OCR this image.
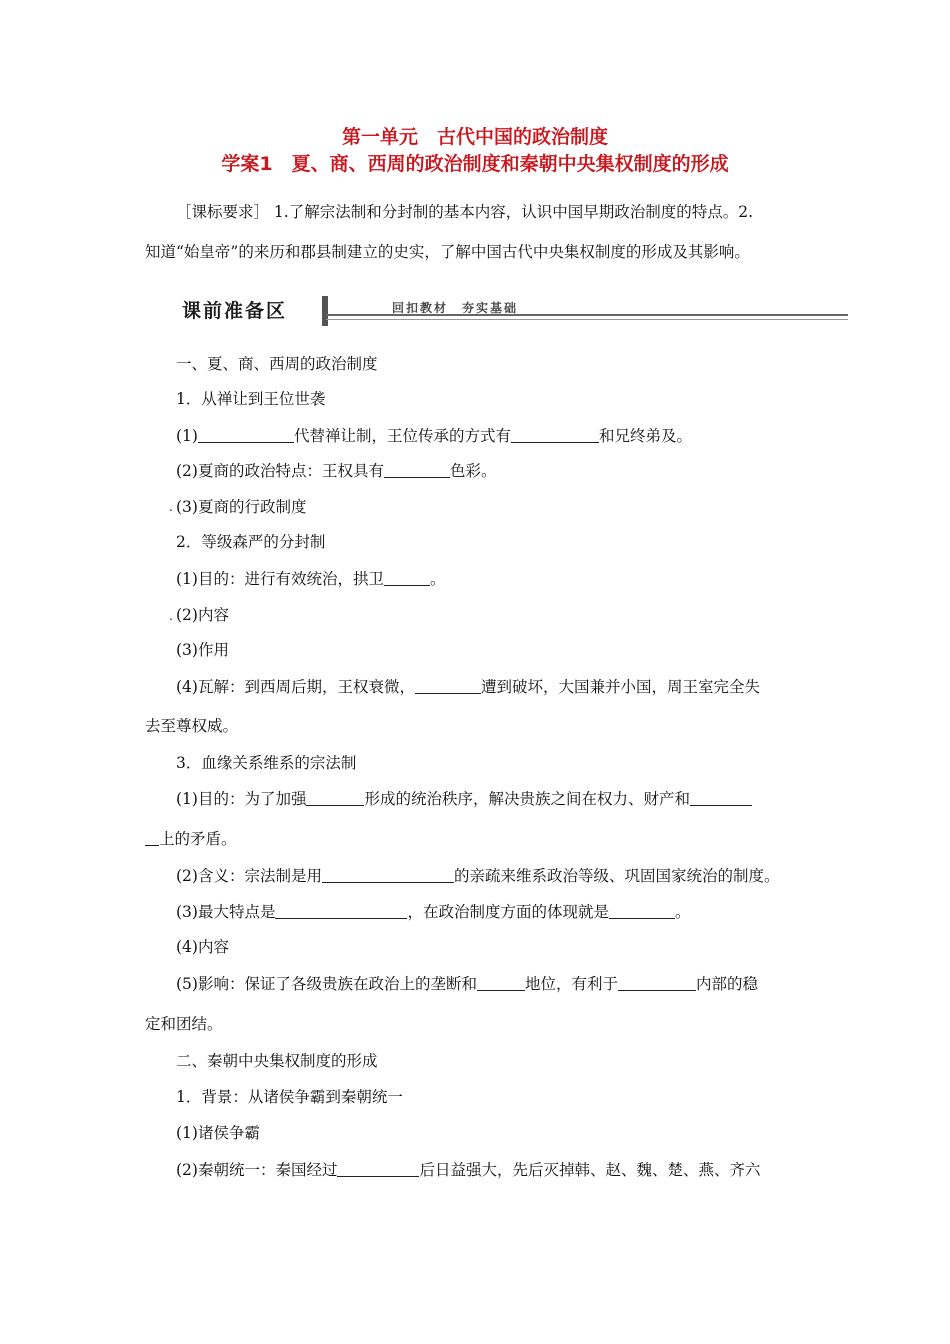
第一单元　古代中国的政治制度
学案1　夏、商、西周的政治制度和秦朝中央集权制度的形成
［课标要求］ 1.了解宗法制和分封制的基本内容，认识中国早期政治制度的特点。2.
知道“始皇帝”的来历和郡县制建立的史实，了解中国古代中央集权制度的形成及其影响。
课前准备区	回扣教材　夯实基础
一、夏、商、西周的政治制度
1．从禅让到王位世袭
(1)	代替禅让制，王位传承的方式有	和兄终弟及。
(2)夏商的政治特点：王权具有	色彩。
. (3)夏商的行政制度
2．等级森严的分封制
(1)目的：进行有效统治，拱卫	。
. (2)内容
(3)作用
(4)瓦解：到西周后期，王权衰微，	遭到破坏，大国兼并小国，周王室完全失
去至尊权威。
3．血缘关系维系的宗法制
(1)目的：为了加强	形成的统治秩序，解决贵族之间在权力、财产和
上的矛盾。
(2)含义：宗法制是用	的亲疏来维系政治等级、巩固国家统治的制度。
(3)最大特点是	，在政治制度方面的体现就是	。
(4)内容
(5)影响：保证了各级贵族在政治上的垄断和	地位，有利于	内部的稳
定和团结。
二、秦朝中央集权制度的形成
1．背景：从诸侯争霸到秦朝统一
(1)诸侯争霸
(2)秦朝统一：秦国经过	后日益强大，先后灭掉韩、赵、魏、楚、燕、齐六
